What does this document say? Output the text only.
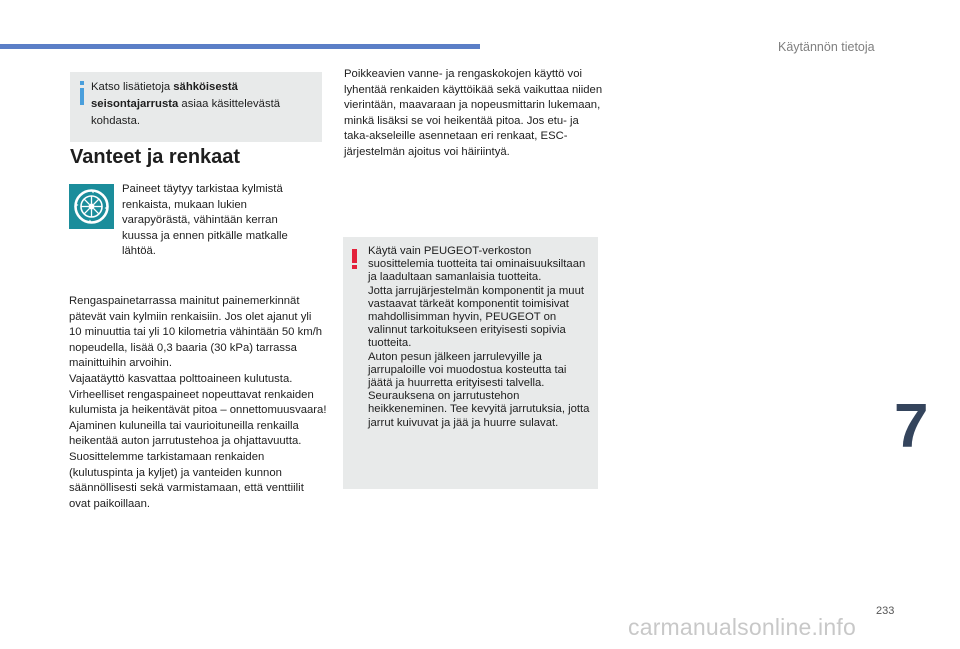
Käytännön tietoja
Katso lisätietoja sähköisestä seisontajarrusta asiaa käsittelevästä kohdasta.
Vanteet ja renkaat
Paineet täytyy tarkistaa kylmistä renkaista, mukaan lukien varapyörästä, vähintään kerran kuussa ja ennen pitkälle matkalle lähtöä.
Rengaspainetarrassa mainitut painemerkinnät pätevät vain kylmiin renkaisiin. Jos olet ajanut yli 10 minuuttia tai yli 10 kilometria vähintään 50 km/h nopeudella, lisää 0,3 baaria (30 kPa) tarrassa mainittuihin arvoihin.
Vajaatäyttö kasvattaa polttoaineen kulutusta. Virheelliset rengaspaineet nopeuttavat renkaiden kulumista ja heikentävät pitoa – onnettomuusvaara!
Ajaminen kuluneilla tai vaurioituneilla renkailla heikentää auton jarrutustehoa ja ohjattavuutta. Suosittelemme tarkistamaan renkaiden (kulutuspinta ja kyljet) ja vanteiden kunnon säännöllisesti sekä varmistamaan, että venttiilit ovat paikoillaan.
Poikkeavien vanne- ja rengaskokojen käyttö voi lyhentää renkaiden käyttöikää sekä vaikuttaa niiden vierintään, maavaraan ja nopeusmittarin lukemaan, minkä lisäksi se voi heikentää pitoa. Jos etu- ja taka-akseleille asennetaan eri renkaat, ESC-järjestelmän ajoitus voi häiriintyä.
Käytä vain PEUGEOT-verkoston suosittelemia tuotteita tai ominaisuuksiltaan ja laadultaan samanlaisia tuotteita.
Jotta jarrujärjestelmän komponentit ja muut vastaavat tärkeät komponentit toimisivat mahdollisimman hyvin, PEUGEOT on valinnut tarkoitukseen erityisesti sopivia tuotteita.
Auton pesun jälkeen jarrulevyille ja jarrupaloille voi muodostua kosteutta tai jäätä ja huurretta erityisesti talvella. Seurauksena on jarrutustehon heikkeneminen. Tee kevyitä jarrutuksia, jotta jarrut kuivuvat ja jää ja huurre sulavat.	7
233
carmanualsonline.info
